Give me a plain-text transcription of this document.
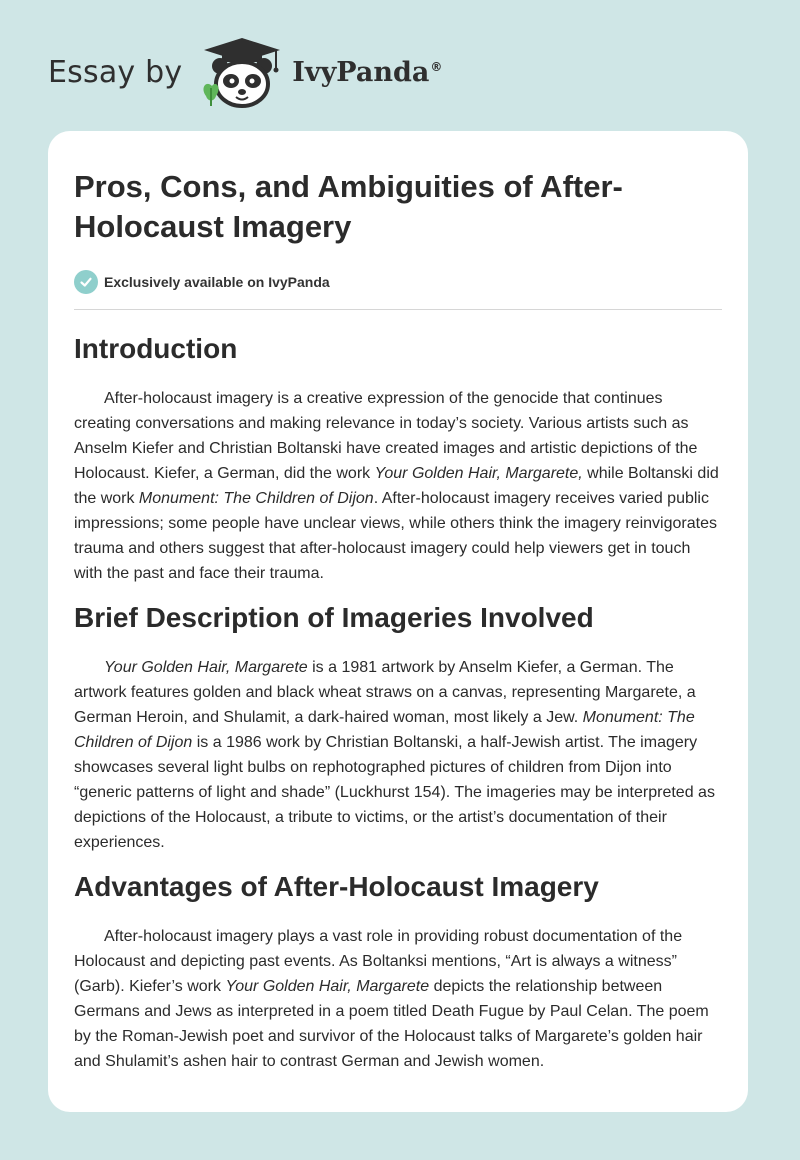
Essay by	IvyPanda®
Pros, Cons, and Ambiguities of After-Holocaust Imagery
Exclusively available on IvyPanda
Introduction

After-holocaust imagery is a creative expression of the genocide that continues creating conversations and making relevance in today’s society. Various artists such as Anselm Kiefer and Christian Boltanski have created images and artistic depictions of the Holocaust. Kiefer, a German, did the work Your Golden Hair, Margarete, while Boltanski did the work Monument: The Children of Dijon. After-holocaust imagery receives varied public impressions; some people have unclear views, while others think the imagery reinvigorates trauma and others suggest that after-holocaust imagery could help viewers get in touch with the past and face their trauma.

Brief Description of Imageries Involved

Your Golden Hair, Margarete is a 1981 artwork by Anselm Kiefer, a German. The artwork features golden and black wheat straws on a canvas, representing Margarete, a German Heroin, and Shulamit, a dark-haired woman, most likely a Jew. Monument: The Children of Dijon is a 1986 work by Christian Boltanski, a half-Jewish artist. The imagery showcases several light bulbs on rephotographed pictures of children from Dijon into “generic patterns of light and shade” (Luckhurst 154). The imageries may be interpreted as depictions of the Holocaust, a tribute to victims, or the artist’s documentation of their experiences.

Advantages of After-Holocaust Imagery

After-holocaust imagery plays a vast role in providing robust documentation of the Holocaust and depicting past events. As Boltanksi mentions, “Art is always a witness” (Garb). Kiefer’s work Your Golden Hair, Margarete depicts the relationship between Germans and Jews as interpreted in a poem titled Death Fugue by Paul Celan. The poem by the Roman-Jewish poet and survivor of the Holocaust talks of Margarete’s golden hair and Shulamit’s ashen hair to contrast German and Jewish women.
